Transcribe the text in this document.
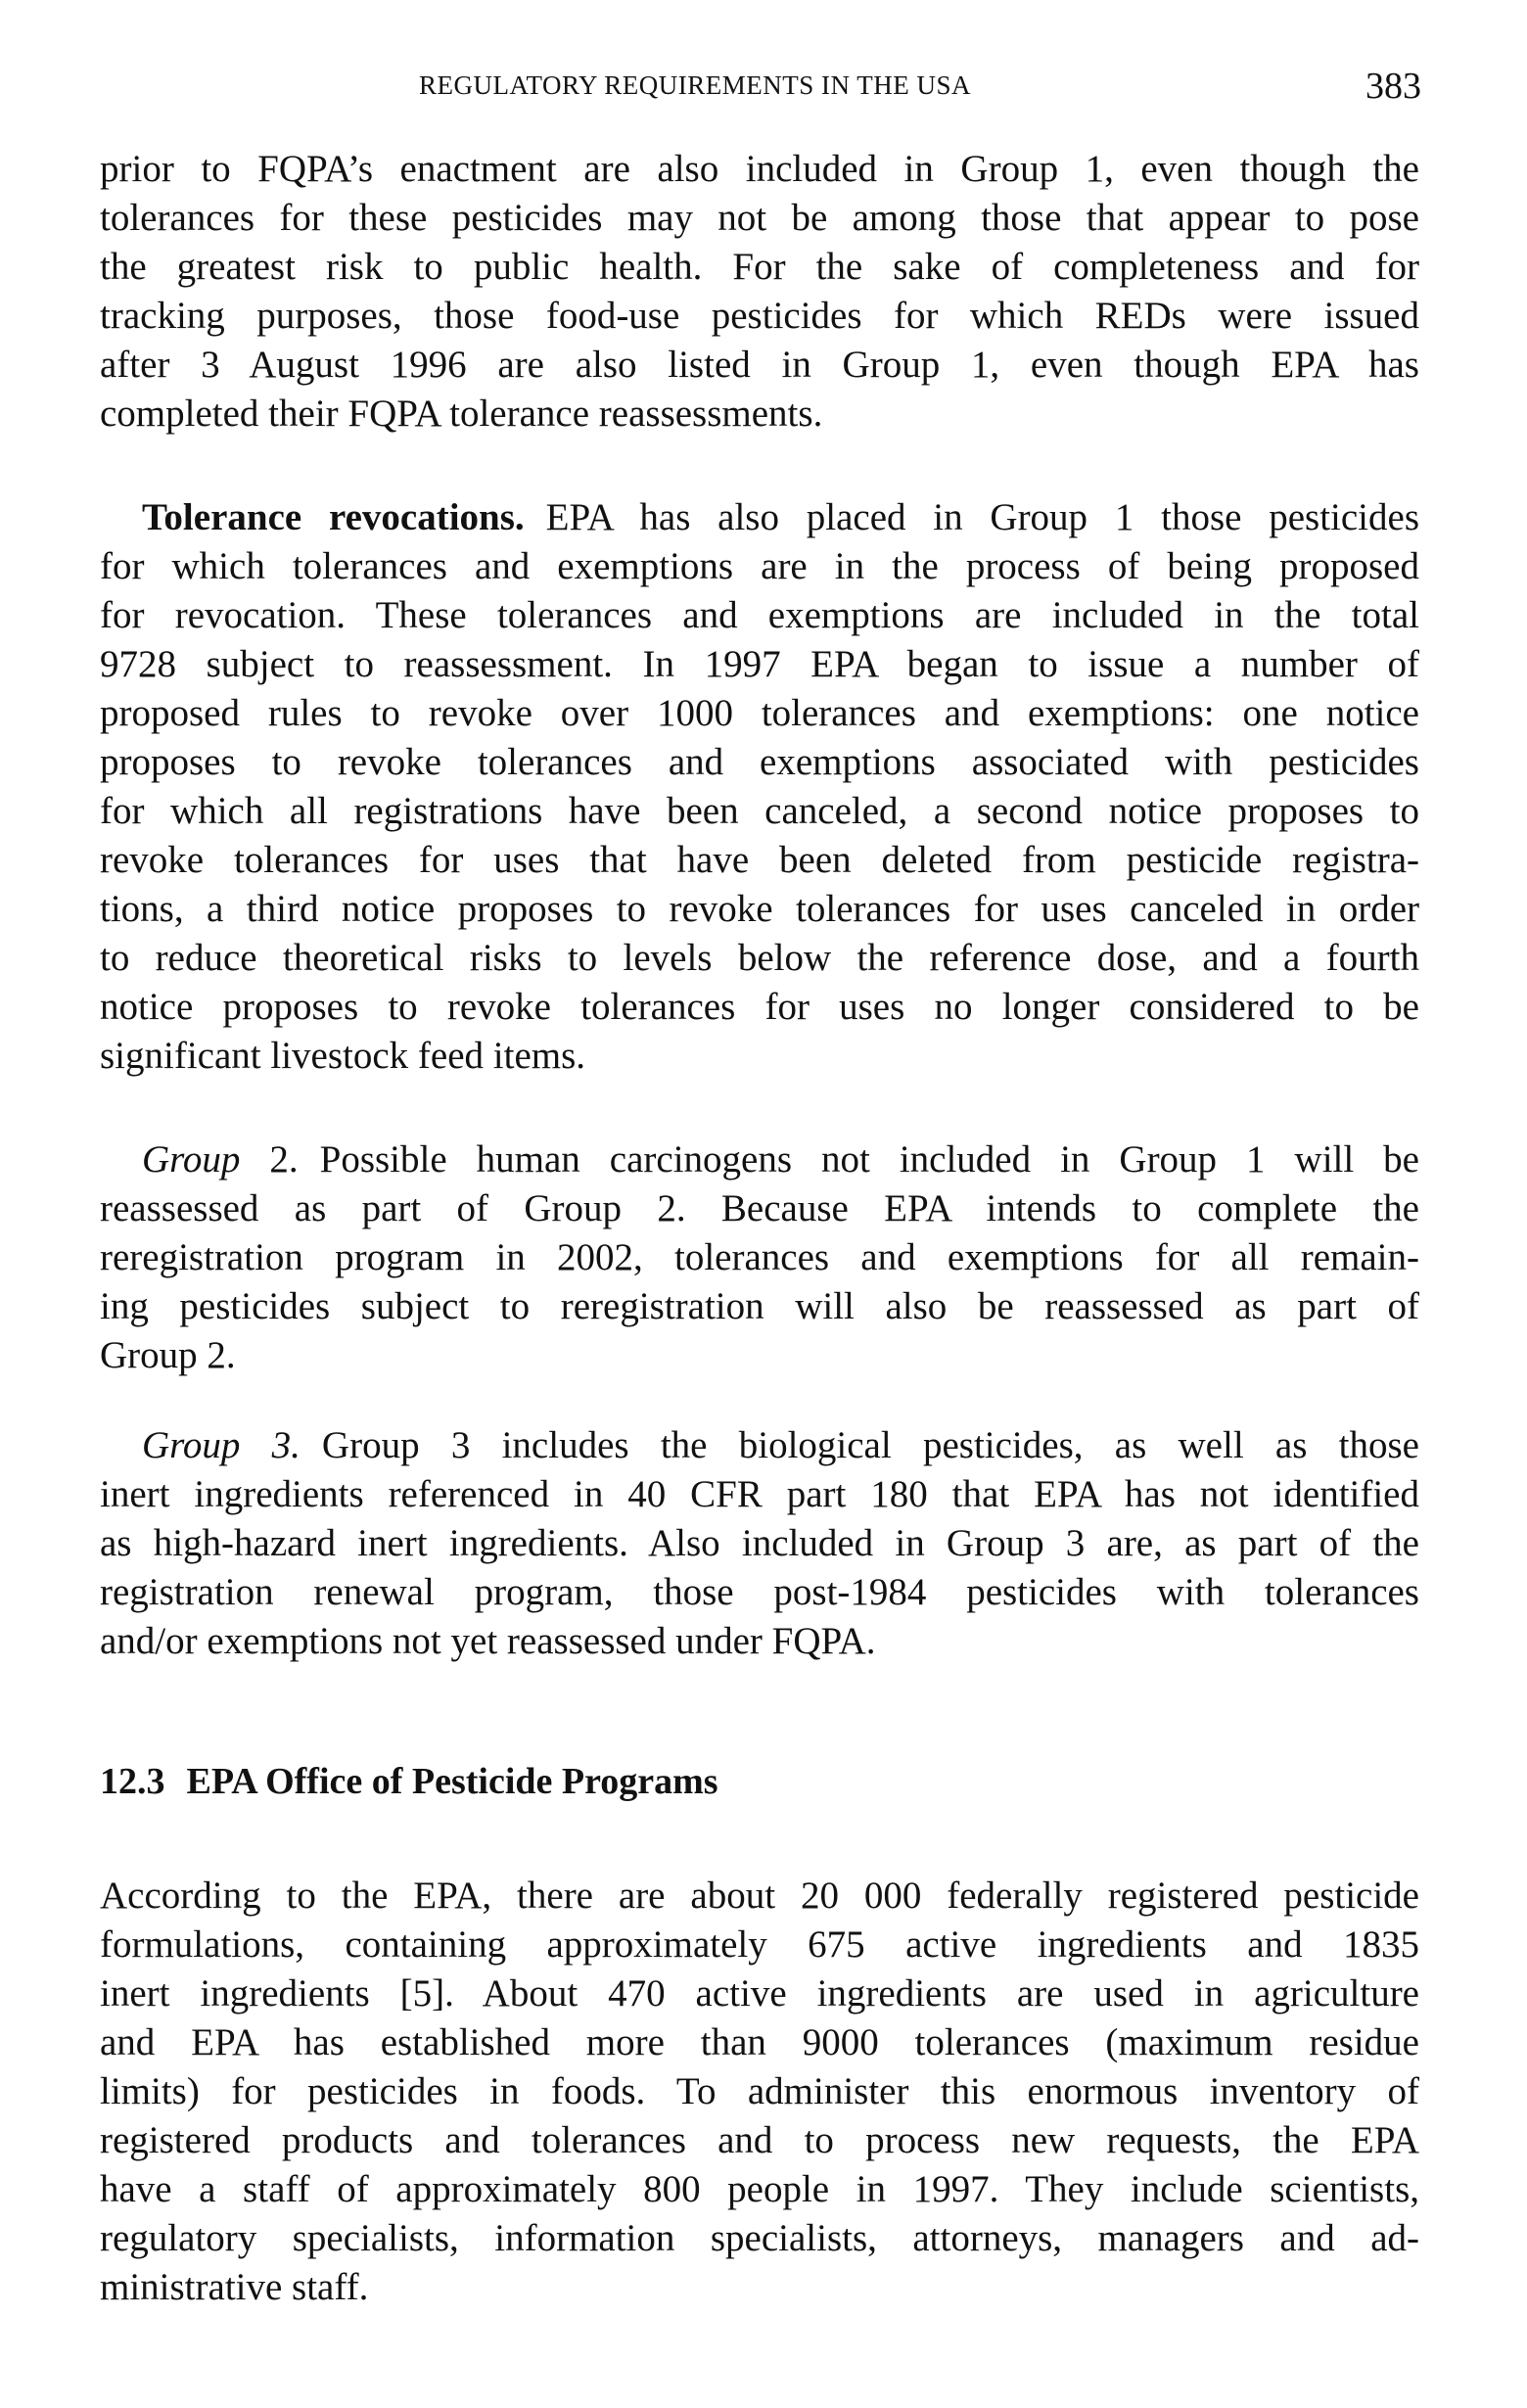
REGULATORY REQUIREMENTS IN THE USA	383
prior to FQPA’s enactment are also included in Group 1, even though the
tolerances for these pesticides may not be among those that appear to pose
the greatest risk to public health. For the sake of completeness and for
tracking purposes, those food-use pesticides for which REDs were issued
after 3 August 1996 are also listed in Group 1, even though EPA has
completed their FQPA tolerance reassessments.
Tolerance revocations. EPA has also placed in Group 1 those pesticides
for which tolerances and exemptions are in the process of being proposed
for revocation. These tolerances and exemptions are included in the total
9728 subject to reassessment. In 1997 EPA began to issue a number of
proposed rules to revoke over 1000 tolerances and exemptions: one notice
proposes to revoke tolerances and exemptions associated with pesticides
for which all registrations have been canceled, a second notice proposes to
revoke tolerances for uses that have been deleted from pesticide registra-
tions, a third notice proposes to revoke tolerances for uses canceled in order
to reduce theoretical risks to levels below the reference dose, and a fourth
notice proposes to revoke tolerances for uses no longer considered to be
significant livestock feed items.
Group 2. Possible human carcinogens not included in Group 1 will be
reassessed as part of Group 2. Because EPA intends to complete the
reregistration program in 2002, tolerances and exemptions for all remain-
ing pesticides subject to reregistration will also be reassessed as part of
Group 2.
Group 3. Group 3 includes the biological pesticides, as well as those
inert ingredients referenced in 40 CFR part 180 that EPA has not identified
as high-hazard inert ingredients. Also included in Group 3 are, as part of the
registration renewal program, those post-1984 pesticides with tolerances
and/or exemptions not yet reassessed under FQPA.
12.3 EPA Office of Pesticide Programs
According to the EPA, there are about 20 000 federally registered pesticide
formulations, containing approximately 675 active ingredients and 1835
inert ingredients [5]. About 470 active ingredients are used in agriculture
and EPA has established more than 9000 tolerances (maximum residue
limits) for pesticides in foods. To administer this enormous inventory of
registered products and tolerances and to process new requests, the EPA
have a staff of approximately 800 people in 1997. They include scientists,
regulatory specialists, information specialists, attorneys, managers and ad-
ministrative staff.
